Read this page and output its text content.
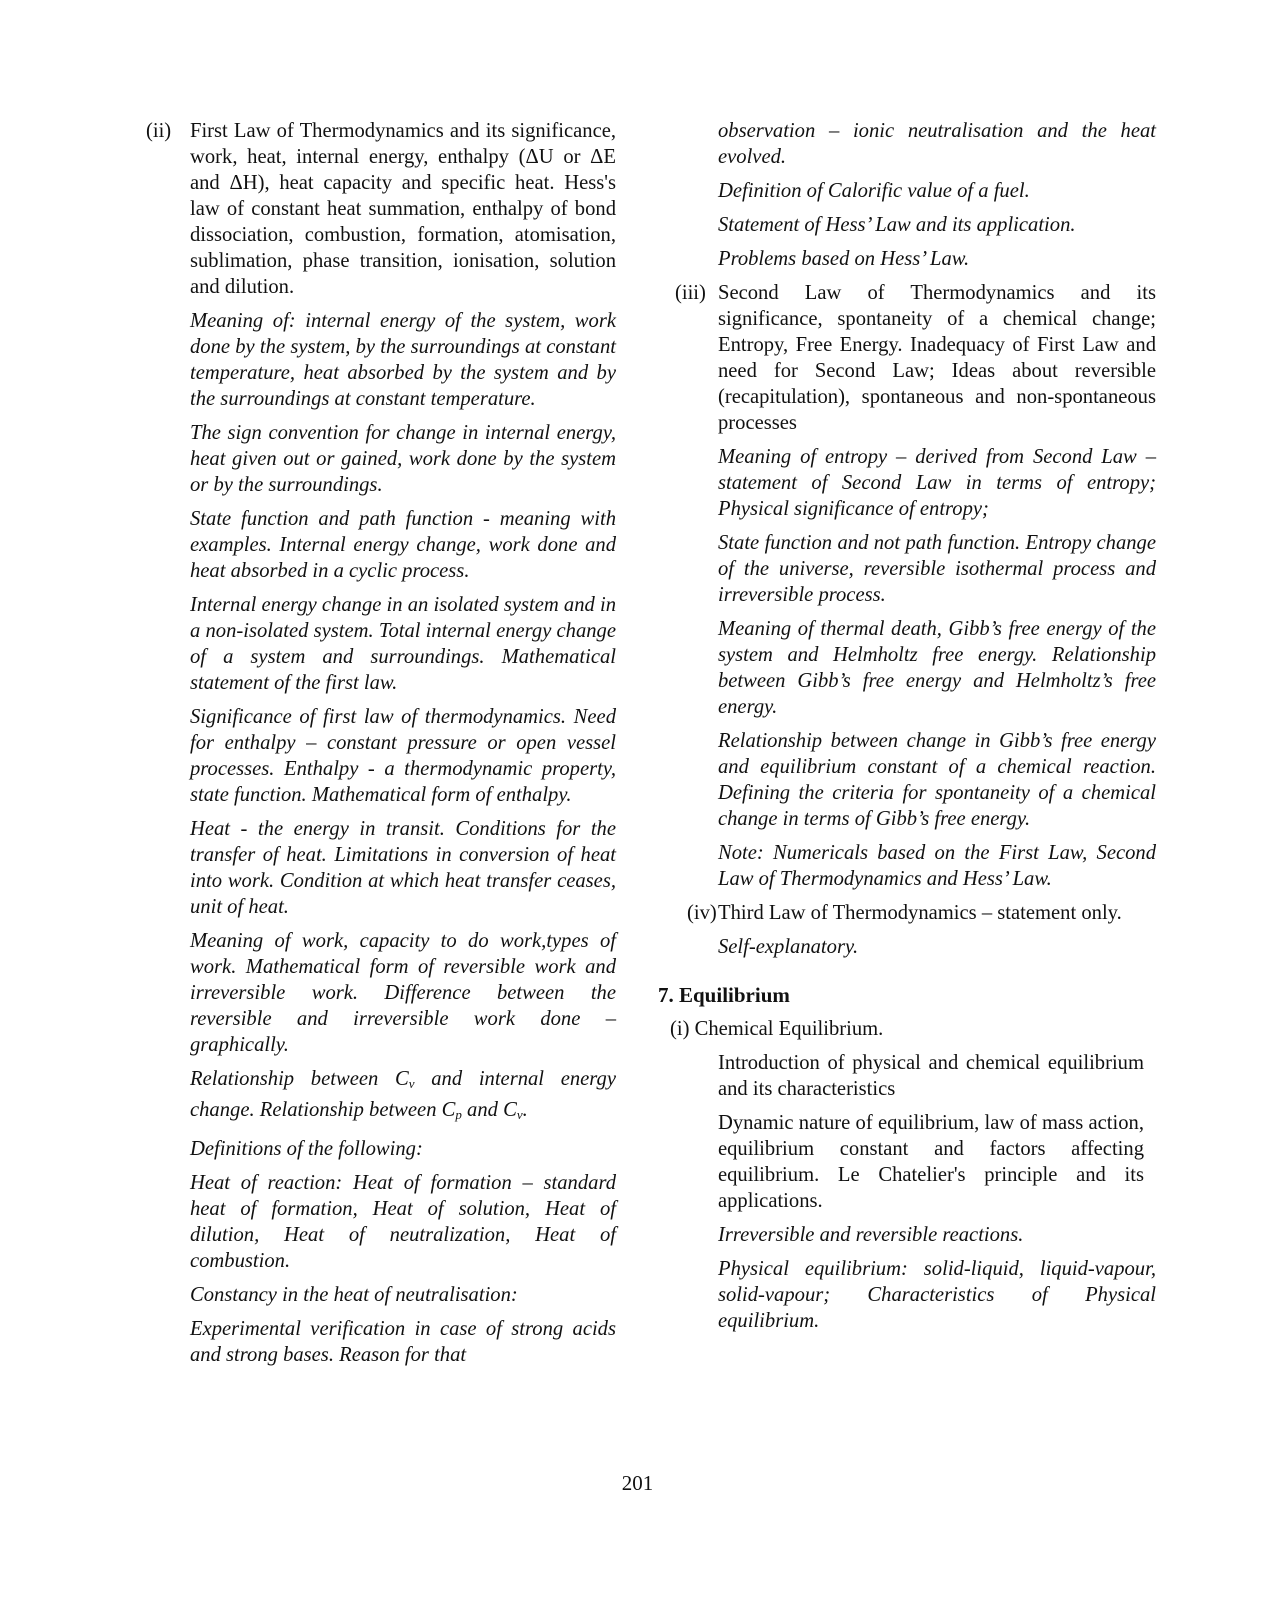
(ii) First Law of Thermodynamics and its significance, work, heat, internal energy, enthalpy (ΔU or ΔE and ΔH), heat capacity and specific heat. Hess's law of constant heat summation, enthalpy of bond dissociation, combustion, formation, atomisation, sublimation, phase transition, ionisation, solution and dilution.

Meaning of: internal energy of the system, work done by the system, by the surroundings at constant temperature, heat absorbed by the system and by the surroundings at constant temperature.

The sign convention for change in internal energy, heat given out or gained, work done by the system or by the surroundings.

State function and path function - meaning with examples. Internal energy change, work done and heat absorbed in a cyclic process.

Internal energy change in an isolated system and in a non-isolated system. Total internal energy change of a system and surroundings. Mathematical statement of the first law.

Significance of first law of thermodynamics. Need for enthalpy – constant pressure or open vessel processes. Enthalpy - a thermodynamic property, state function. Mathematical form of enthalpy.

Heat - the energy in transit. Conditions for the transfer of heat. Limitations in conversion of heat into work. Condition at which heat transfer ceases, unit of heat.

Meaning of work, capacity to do work,types of work. Mathematical form of reversible work and irreversible work. Difference between the reversible and irreversible work done – graphically.

Relationship between $C_v$ and internal energy change. Relationship between $C_p$ and $C_v$.

Definitions of the following:

Heat of reaction: Heat of formation – standard heat of formation, Heat of solution, Heat of dilution, Heat of neutralization, Heat of combustion.

Constancy in the heat of neutralisation:

Experimental verification in case of strong acids and strong bases. Reason for that

observation – ionic neutralisation and the heat evolved.

Definition of Calorific value of a fuel.

Statement of Hess’ Law and its application.

Problems based on Hess’ Law.

(iii) Second Law of Thermodynamics and its significance, spontaneity of a chemical change; Entropy, Free Energy. Inadequacy of First Law and need for Second Law; Ideas about reversible (recapitulation), spontaneous and non-spontaneous processes

Meaning of entropy – derived from Second Law – statement of Second Law in terms of entropy; Physical significance of entropy;

State function and not path function. Entropy change of the universe, reversible isothermal process and irreversible process.

Meaning of thermal death, Gibb’s free energy of the system and Helmholtz free energy. Relationship between Gibb’s free energy and Helmholtz’s free energy.

Relationship between change in Gibb’s free energy and equilibrium constant of a chemical reaction. Defining the criteria for spontaneity of a chemical change in terms of Gibb’s free energy.

Note: Numericals based on the First Law, Second Law of Thermodynamics and Hess’ Law.

(iv) Third Law of Thermodynamics – statement only.

Self-explanatory.

7. Equilibrium

(i) Chemical Equilibrium.

Introduction of physical and chemical equilibrium and its characteristics

Dynamic nature of equilibrium, law of mass action, equilibrium constant and factors affecting equilibrium. Le Chatelier's principle and its applications.

Irreversible and reversible reactions.

Physical equilibrium: solid-liquid, liquid-vapour, solid-vapour; Characteristics of Physical equilibrium.

201
